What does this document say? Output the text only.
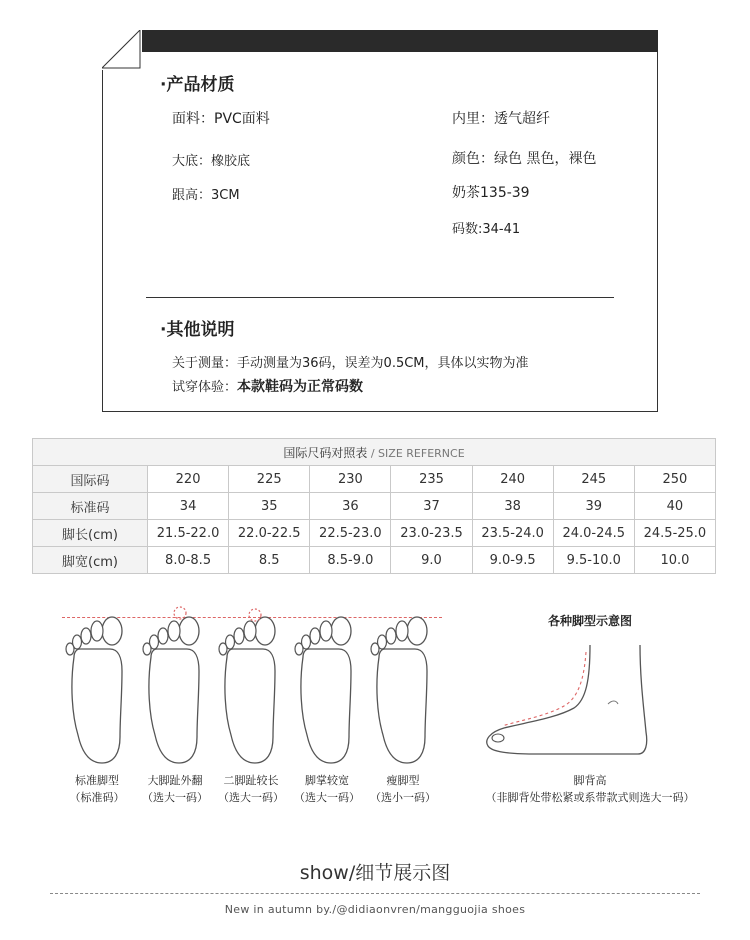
·产品材质
面料：PVC面料	内里：透气超纤
大底：橡胶底	颜色：绿色 黑色，裸色
跟高：3CM	奶茶135-39
码数:34-41
·其他说明
关于测量：手动测量为36码，误差为0.5CM，具体以实物为准
试穿体验：本款鞋码为正常码数
国际尺码对照表 / SIZE REFERNCE							
国际码	220	225	230	235	240	245	250
标准码	34	35	36	37	38	39	40
脚长(cm)	21.5-22.0	22.0-22.5	22.5-23.0	23.0-23.5	23.5-24.0	24.0-24.5	24.5-25.0
脚宽(cm)	8.0-8.5	8.5	8.5-9.0	9.0	9.0-9.5	9.5-10.0	10.0
标准脚型
（标准码）
大脚趾外翻
（选大一码）
二脚趾较长
（选大一码）
脚掌较宽
（选大一码）
瘦脚型
（选小一码）
各种脚型示意图
脚背高
（非脚背处带松紧或系带款式则选大一码）
show/细节展示图
New in autumn by./@didiaonvren/mangguojia shoes
